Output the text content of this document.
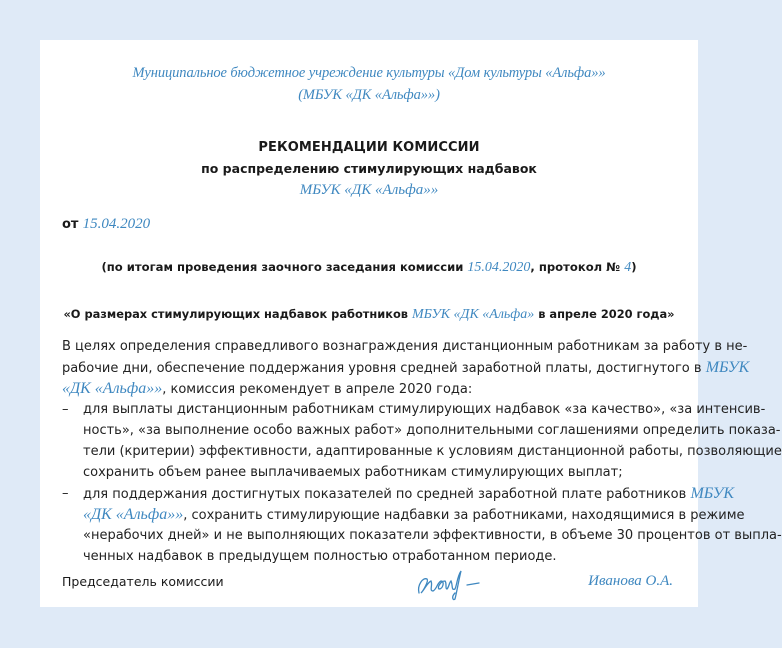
Муниципальное бюджетное учреждение культуры «Дом культуры «Альфа»»
(МБУК «ДК «Альфа»»)
РЕКОМЕНДАЦИИ КОМИССИИ
по распределению стимулирующих надбавок
МБУК «ДК «Альфа»»
от 15.04.2020
(по итогам проведения заочного заседания комиссии 15.04.2020, протокол № 4)
«О размерах стимулирующих надбавок работников МБУК «ДК «Альфа» в апреле 2020 года»
В целях определения справедливого вознаграждения дистанционным работникам за работу в не-
рабочие дни, обеспечение поддержания уровня средней заработной платы, достигнутого в МБУК
«ДК «Альфа»», комиссия рекомендует в апреле 2020 года:
– для выплаты дистанционным работникам стимулирующих надбавок «за качество», «за интенсив-
ность», «за выполнение особо важных работ» дополнительными соглашениями определить показа-
тели (критерии) эффективности, адаптированные к условиям дистанционной работы, позволяющие
сохранить объем ранее выплачиваемых работникам стимулирующих выплат;
– для поддержания достигнутых показателей по средней заработной плате работников МБУК
«ДК «Альфа»», сохранить стимулирующие надбавки за работниками, находящимися в режиме
«нерабочих дней» и не выполняющих показатели эффективности, в объеме 30 процентов от выпла-
ченных надбавок в предыдущем полностью отработанном периоде.
Председатель комиссии	Иванова О.А.
